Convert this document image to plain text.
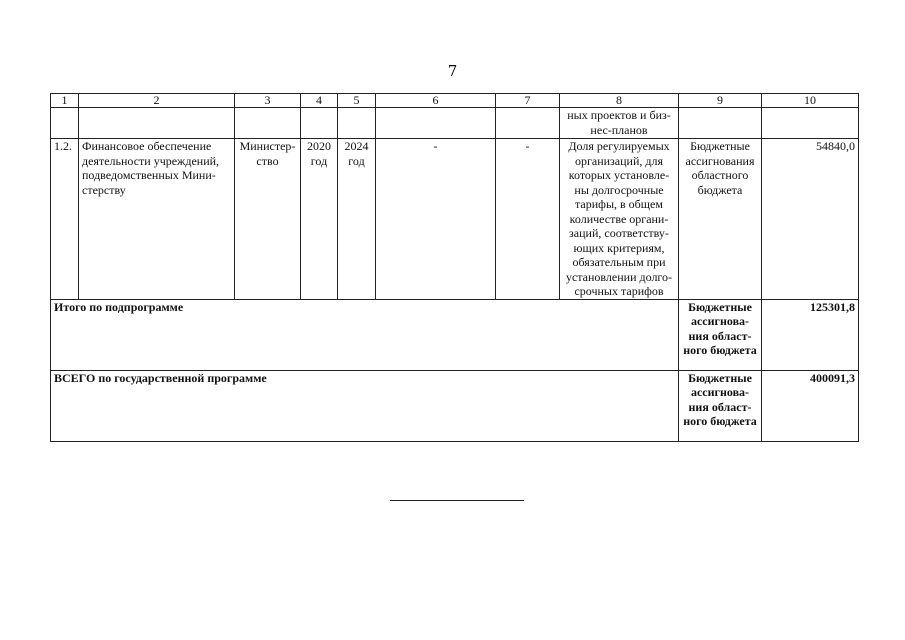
7
1	2	3	4	5	6	7	8	9	10
							ных проектов и биз-
нес-планов		
1.2.	Финансовое обеспечение деятельности учреждений, подведомственных Мини-стерству	Министер-ство	2020 год	2024 год	-	-	Доля регулируемых организаций, для которых установле-ны долгосрочные тарифы, в общем количестве органи-заций, соответству-ющих критериям, обязательным при установлении долго-срочных тарифов	Бюджетные ассигнования областного бюджета	54840,0
Итого по подпрограмме								Бюджетные ассигнова-ния област-ного бюджета	125301,8
ВСЕГО по государственной программе								Бюджетные ассигнова-ния област-ного бюджета	400091,3
